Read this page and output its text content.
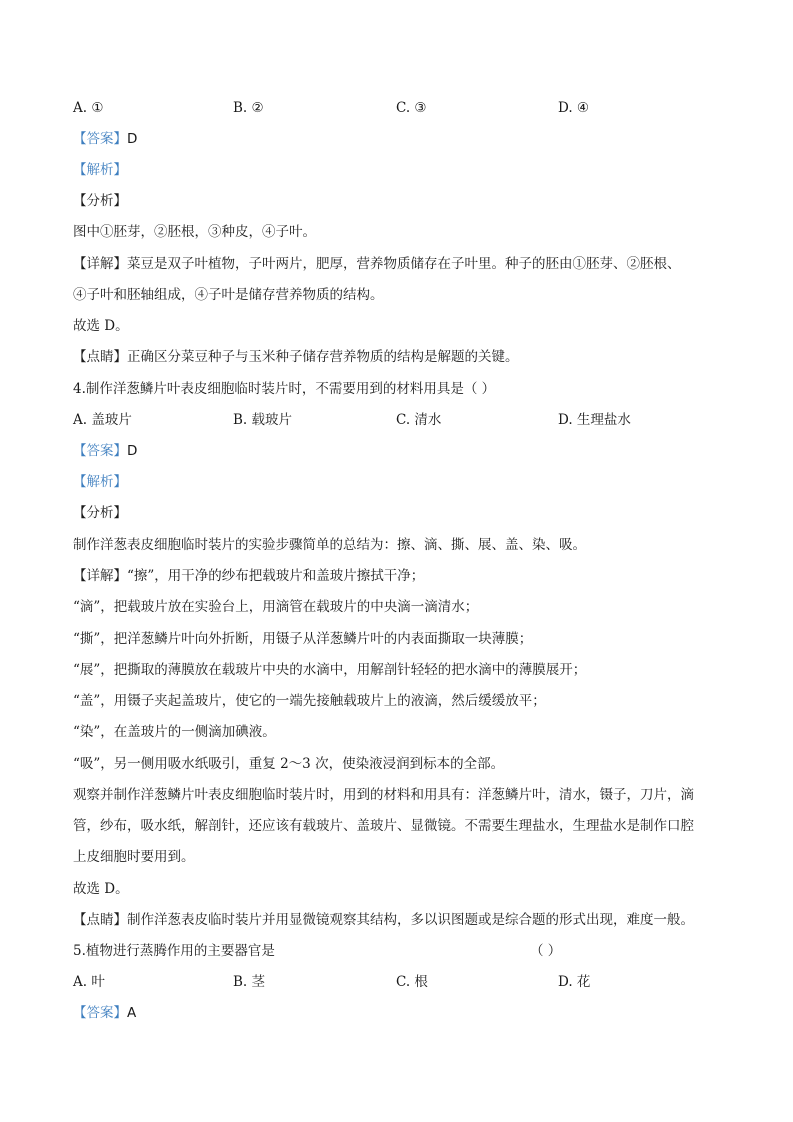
A. ①	B. ②	C. ③	D. ④
【答案】D
【解析】
【分析】
图中①胚芽，②胚根，③种皮，④子叶。
【详解】菜豆是双子叶植物，子叶两片，肥厚，营养物质储存在子叶里。种子的胚由①胚芽、②胚根、
④子叶和胚轴组成，④子叶是储存营养物质的结构。
故选 D。
【点睛】正确区分菜豆种子与玉米种子储存营养物质的结构是解题的关键。
4.制作洋葱鳞片叶表皮细胞临时装片时，不需要用到的材料用具是（ ）
A. 盖玻片	B. 载玻片	C. 清水	D. 生理盐水
【答案】D
【解析】
【分析】
制作洋葱表皮细胞临时装片的实验步骤简单的总结为：擦、滴、撕、展、盖、染、吸。
【详解】“擦”，用干净的纱布把载玻片和盖玻片擦拭干净；
“滴”，把载玻片放在实验台上，用滴管在载玻片的中央滴一滴清水；
“撕”，把洋葱鳞片叶向外折断，用镊子从洋葱鳞片叶的内表面撕取一块薄膜；
“展”，把撕取的薄膜放在载玻片中央的水滴中，用解剖针轻轻的把水滴中的薄膜展开；
“盖”，用镊子夹起盖玻片，使它的一端先接触载玻片上的液滴，然后缓缓放平；
“染”，在盖玻片的一侧滴加碘液。
“吸”，另一侧用吸水纸吸引，重复 2～3 次，使染液浸润到标本的全部。
观察并制作洋葱鳞片叶表皮细胞临时装片时，用到的材料和用具有：洋葱鳞片叶，清水，镊子，刀片，滴
管，纱布，吸水纸，解剖针，还应该有载玻片、盖玻片、显微镜。不需要生理盐水，生理盐水是制作口腔
上皮细胞时要用到。
故选 D。
【点睛】制作洋葱表皮临时装片并用显微镜观察其结构，多以识图题或是综合题的形式出现，难度一般。
5.植物进行蒸腾作用的主要器官是	（ ）
A. 叶	B. 茎	C. 根	D. 花
【答案】A
